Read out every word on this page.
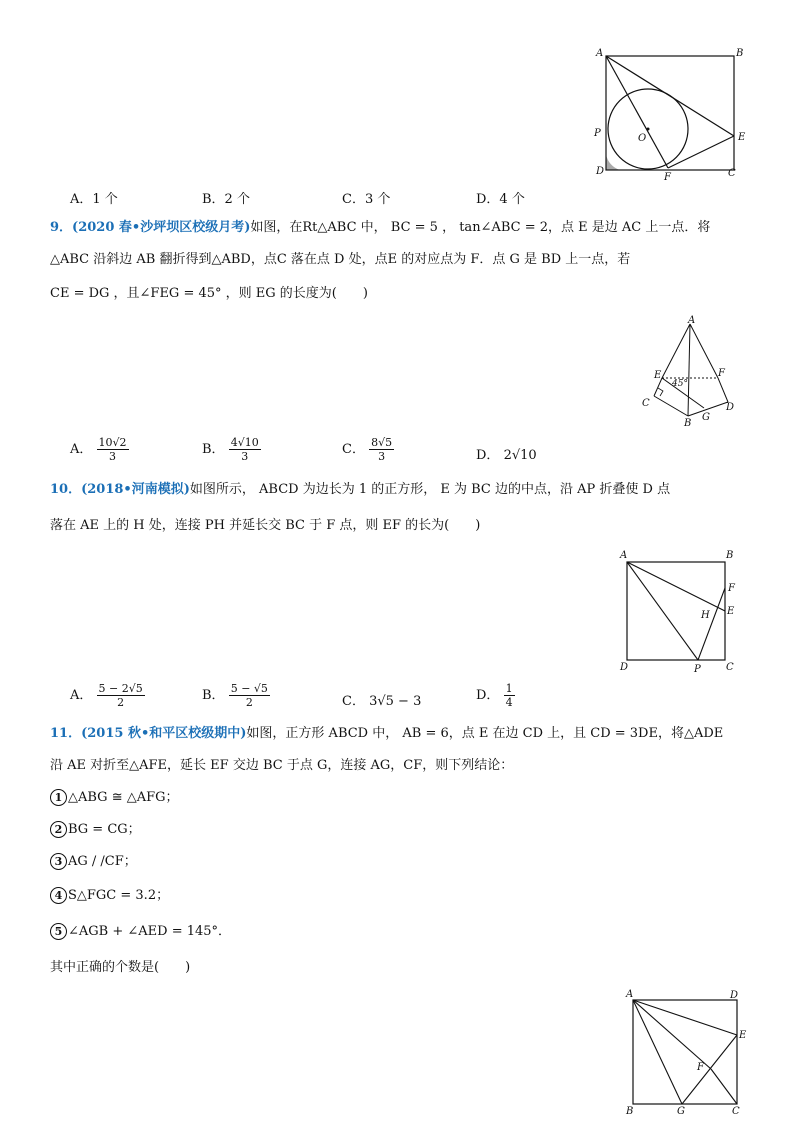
A	B
P	O	E
D
F	C
A．1 个	B．2 个	C．3 个	D．4 个
9．(2020 春•沙坪坝区校级月考)如图，在Rt△ABC 中， BC = 5 ， tan∠ABC = 2，点 E 是边 AC 上一点．将
△ABC 沿斜边 AB 翻折得到△ABD，点C 落在点 D 处，点E 的对应点为 F．点 G 是 BD 上一点，若
CE = DG ，且∠FEG = 45° ，则 EG 的长度为(　　)
A
E
45°
F
C	D
G
B
A． $\frac{10√2}{3}$	B． $\frac{4√10}{3}$	C． $\frac{8√5}{3}$	D． 2√10
10．(2018•河南模拟)如图所示， ABCD 为边长为 1 的正方形， E 为 BC 边的中点，沿 AP 折叠使 D 点
落在 AE 上的 H 处，连接 PH 并延长交 BC 于 F 点，则 EF 的长为(　　)
A	B
F
H E
D	P	C
A． $\frac{5 - 2√5}{2}$	B． $\frac{5 - √5}{2}$	C． 3√5 − 3	D． $\frac{1}{4}$
11．(2015 秋•和平区校级期中)如图，正方形 ABCD 中， AB = 6，点 E 在边 CD 上，且 CD = 3DE，将△ADE
沿 AE 对折至△AFE，延长 EF 交边 BC 于点 G，连接 AG，CF，则下列结论：
1 △ABG ≅ △AFG；
2 BG = CG；
3 AG / /CF；
4 S△FGC = 3.2；
5 ∠AGB + ∠AED = 145°．
其中正确的个数是(　　)
A	D
E
F
B	G	C
